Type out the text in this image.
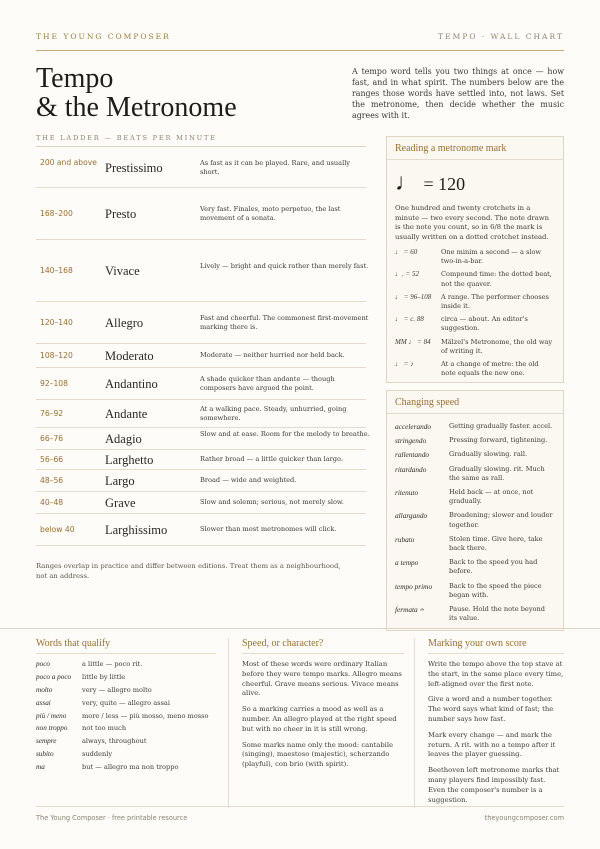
THE YOUNG COMPOSER	TEMPO · WALL CHART
Tempo
& the Metronome
A tempo word tells you two things at once — how fast, and in what spirit. The numbers below are the ranges those words have settled into, not laws. Set the metronome, then decide whether the music agrees with it.
THE LADDER — BEATS PER MINUTE
200 and above Prestissimo	As fast as it can be played. Rare, and usually short.
168–200	Presto	Very fast. Finales, moto perpetuo, the last movement of a sonata.
140–168	Vivace	Lively — bright and quick rather than merely fast.
120–140	Allegro	Fast and cheerful. The commonest first-movement marking there is.
108–120	Moderato	Moderate — neither hurried nor held back.
92–108	Andantino	A shade quicker than andante — though composers have argued the point.
76–92	Andante	At a walking pace. Steady, unhurried, going somewhere.
66–76	Adagio	Slow and at ease. Room for the melody to breathe.
56–66	Larghetto	Rather broad — a little quicker than largo.
48–56	Largo	Broad — wide and weighted.
40–48	Grave	Slow and solemn; serious, not merely slow.
below 40	Larghissimo	Slower than most metronomes will click.
Ranges overlap in practice and differ between editions. Treat them as a neighbourhood, not an address.
Reading a metronome mark
♩ = 120
One hundred and twenty crotchets in a minute — two every second. The note drawn is the note you count, so in 6/8 the mark is usually written on a dotted crotchet instead.
♩ = 60	One minim a second — a slow two-in-a-bar.
♩. = 52	Compound time: the dotted beat, not the quaver.
♩ = 96–108	A range. The performer chooses inside it.
♩ = c. 88	circa — about. An editor's suggestion.
MM ♩ = 84	Mälzel's Metronome, the old way of writing it.
♩ = ♪	At a change of metre: the old note equals the new one.
Changing speed
accelerando	Getting gradually faster. accel.
stringendo	Pressing forward, tightening.
rallentando	Gradually slowing. rall.
ritardando	Gradually slowing. rit. Much the same as rall.
ritenuto	Held back — at once, not gradually.
allargando	Broadening; slower and louder together.
rubato	Stolen time. Give here, take back there.
a tempo	Back to the speed you had before.
tempo primo	Back to the speed the piece began with.
fermata 𝄐	Pause. Hold the note beyond its value.
Words that qualify
poco	a little — poco rit.
poco a poco	little by little
molto	very — allegro molto
assai	very, quite — allegro assai
più / meno	more / less — più mosso, meno mosso
non troppo	not too much
sempre	always, throughout
subito	suddenly
ma	but — allegro ma non troppo
Speed, or character?
Most of these words were ordinary Italian before they were tempo marks. Allegro means cheerful. Grave means serious. Vivace means alive.
So a marking carries a mood as well as a number. An allegro played at the right speed but with no cheer in it is still wrong.
Some marks name only the mood: cantabile (singing), maestoso (majestic), scherzando (playful), con brio (with spirit).
Marking your own score
Write the tempo above the top stave at the start, in the same place every time, left-aligned over the first note.
Give a word and a number together. The word says what kind of fast; the number says how fast.
Mark every change — and mark the return. A rit. with no a tempo after it leaves the player guessing.
Beethoven left metronome marks that many players find impossibly fast. Even the composer's number is a suggestion.
The Young Composer · free printable resource	theyoungcomposer.com
